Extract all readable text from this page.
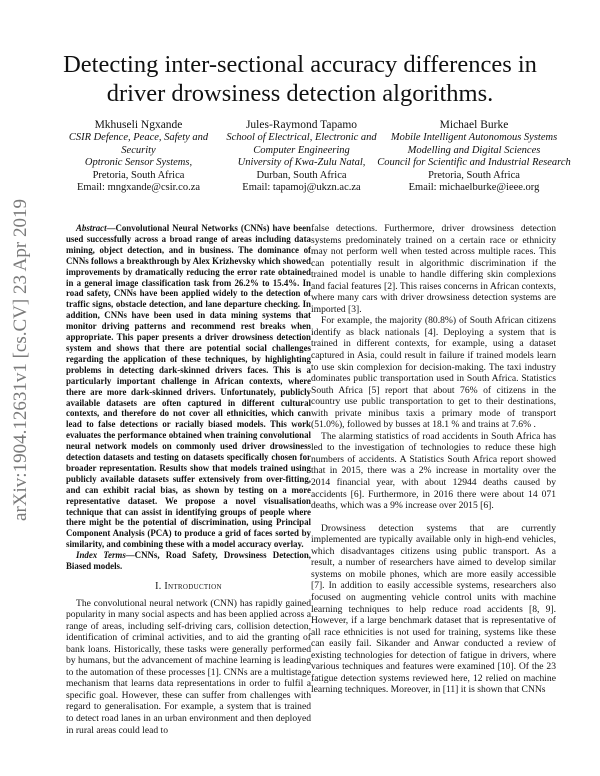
arXiv:1904.12631v1 [cs.CV] 23 Apr 2019
Detecting inter-sectional accuracy differences in driver drowsiness detection algorithms.
Mkhuseli Ngxande
CSIR Defence, Peace, Safety and Security
Optronic Sensor Systems,
Pretoria, South Africa
Email: mngxande@csir.co.za
Jules-Raymond Tapamo
School of Electrical, Electronic and Computer Engineering
University of Kwa-Zulu Natal,
Durban, South Africa
Email: tapamoj@ukzn.ac.za
Michael Burke
Mobile Intelligent Autonomous Systems Modelling and Digital Sciences
Council for Scientific and Industrial Research
Pretoria, South Africa
Email: michaelburke@ieee.org

Abstract—Convolutional Neural Networks (CNNs) have been used successfully across a broad range of areas including data mining, object detection, and in business. The dominance of CNNs follows a breakthrough by Alex Krizhevsky which showed improvements by dramatically reducing the error rate obtained in a general image classification task from 26.2% to 15.4%. In road safety, CNNs have been applied widely to the detection of traffic signs, obstacle detection, and lane departure checking. In addition, CNNs have been used in data mining systems that monitor driving patterns and recommend rest breaks when appropriate. This paper presents a driver drowsiness detection system and shows that there are potential social challenges regarding the application of these techniques, by highlighting problems in detecting dark-skinned drivers faces. This is a particularly important challenge in African contexts, where there are more dark-skinned drivers. Unfortunately, publicly available datasets are often captured in different cultural contexts, and therefore do not cover all ethnicities, which can lead to false detections or racially biased models. This work evaluates the performance obtained when training convolutional neural network models on commonly used driver drowsiness detection datasets and testing on datasets specifically chosen for broader representation. Results show that models trained using publicly available datasets suffer extensively from over-fitting, and can exhibit racial bias, as shown by testing on a more representative dataset. We propose a novel visualisation technique that can assist in identifying groups of people where there might be the potential of discrimination, using Principal Component Analysis (PCA) to produce a grid of faces sorted by similarity, and combining these with a model accuracy overlay.

Index Terms—CNNs, Road Safety, Drowsiness Detection, Biased models.

I. Introduction

The convolutional neural network (CNN) has rapidly gained popularity in many social aspects and has been applied across a range of areas, including self-driving cars, collision detection, identification of criminal activities, and to aid the granting of bank loans. Historically, these tasks were generally performed by humans, but the advancement of machine learning is leading to the automation of these processes [1]. CNNs are a multistage mechanism that learns data representations in order to fulfil a specific goal. However, these can suffer from challenges with regard to generalisation. For example, a system that is trained to detect road lanes in an urban environment and then deployed in rural areas could lead to

false detections. Furthermore, driver drowsiness detection systems predominately trained on a certain race or ethnicity may not perform well when tested across multiple races. This can potentially result in algorithmic discrimination if the trained model is unable to handle differing skin complexions and facial features [2]. This raises concerns in African contexts, where many cars with driver drowsiness detection systems are imported [3].

For example, the majority (80.8%) of South African citizens identify as black nationals [4]. Deploying a system that is trained in different contexts, for example, using a dataset captured in Asia, could result in failure if trained models learn to use skin complexion for decision-making. The taxi industry dominates public transportation used in South Africa. Statistics South Africa [5] report that about 76% of citizens in the country use public transportation to get to their destinations, with private minibus taxis a primary mode of transport (51.0%), followed by busses at 18.1 % and trains at 7.6% .

The alarming statistics of road accidents in South Africa has led to the investigation of technologies to reduce these high numbers of accidents. A Statistics South Africa report showed that in 2015, there was a 2% increase in mortality over the 2014 financial year, with about 12944 deaths caused by accidents [6]. Furthermore, in 2016 there were about 14 071 deaths, which was a 9% increase over 2015 [6].

Drowsiness detection systems that are currently implemented are typically available only in high-end vehicles, which disadvantages citizens using public transport. As a result, a number of researchers have aimed to develop similar systems on mobile phones, which are more easily accessible [7]. In addition to easily accessible systems, researchers also focused on augmenting vehicle control units with machine learning techniques to help reduce road accidents [8, 9]. However, if a large benchmark dataset that is representative of all race ethnicities is not used for training, systems like these can easily fail. Sikander and Anwar conducted a review of existing technologies for detection of fatigue in drivers, where various techniques and features were examined [10]. Of the 23 fatigue detection systems reviewed here, 12 relied on machine learning techniques. Moreover, in [11] it is shown that CNNs
